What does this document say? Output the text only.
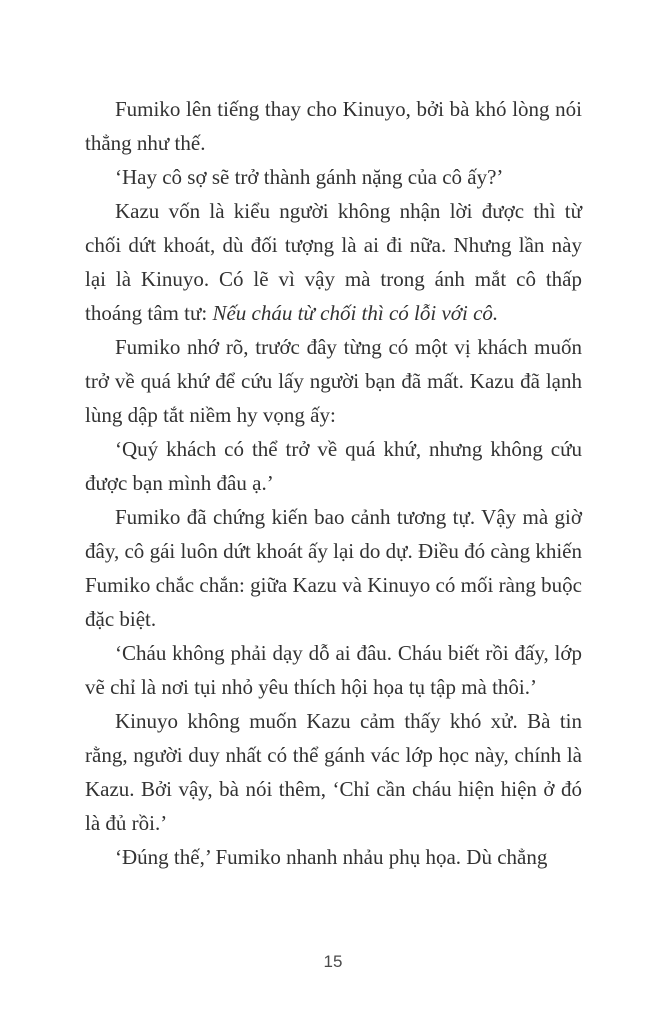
Fumiko lên tiếng thay cho Kinuyo, bởi bà khó lòng nói thẳng như thế.

‘Hay cô sợ sẽ trở thành gánh nặng của cô ấy?’

Kazu vốn là kiểu người không nhận lời được thì từ chối dứt khoát, dù đối tượng là ai đi nữa. Nhưng lần này lại là Kinuyo. Có lẽ vì vậy mà trong ánh mắt cô thấp thoáng tâm tư: Nếu cháu từ chối thì có lỗi với cô.

Fumiko nhớ rõ, trước đây từng có một vị khách muốn trở về quá khứ để cứu lấy người bạn đã mất. Kazu đã lạnh lùng dập tắt niềm hy vọng ấy:

‘Quý khách có thể trở về quá khứ, nhưng không cứu được bạn mình đâu ạ.’

Fumiko đã chứng kiến bao cảnh tương tự. Vậy mà giờ đây, cô gái luôn dứt khoát ấy lại do dự. Điều đó càng khiến Fumiko chắc chắn: giữa Kazu và Kinuyo có mối ràng buộc đặc biệt.

‘Cháu không phải dạy dỗ ai đâu. Cháu biết rồi đấy, lớp vẽ chỉ là nơi tụi nhỏ yêu thích hội họa tụ tập mà thôi.’

Kinuyo không muốn Kazu cảm thấy khó xử. Bà tin rằng, người duy nhất có thể gánh vác lớp học này, chính là Kazu. Bởi vậy, bà nói thêm, ‘Chỉ cần cháu hiện hiện ở đó là đủ rồi.’

‘Đúng thế,’ Fumiko nhanh nhảu phụ họa. Dù chẳng

15
